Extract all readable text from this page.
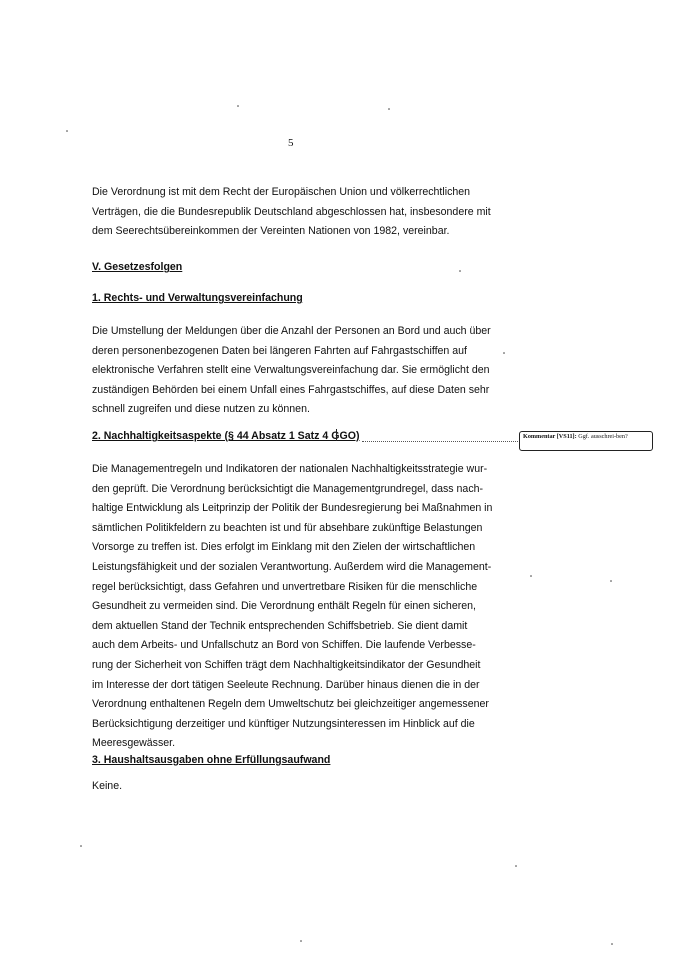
5
Die Verordnung ist mit dem Recht der Europäischen Union und völkerrechtlichen
Verträgen, die die Bundesrepublik Deutschland abgeschlossen hat, insbesondere mit
dem Seerechtsübereinkommen der Vereinten Nationen von 1982, vereinbar.
V. Gesetzesfolgen
1. Rechts- und Verwaltungsvereinfachung
Die Umstellung der Meldungen über die Anzahl der Personen an Bord und auch über
deren personenbezogenen Daten bei längeren Fahrten auf Fahrgastschiffen auf
elektronische Verfahren stellt eine Verwaltungsvereinfachung dar. Sie ermöglicht den
zuständigen Behörden bei einem Unfall eines Fahrgastschiffes, auf diese Daten sehr
schnell zugreifen und diese nutzen zu können.
2. Nachhaltigkeitsaspekte (§ 44 Absatz 1 Satz 4 GGO)	Kommentar [VS11]: Ggf. ausschrei-ben?
Die Managementregeln und Indikatoren der nationalen Nachhaltigkeitsstrategie wur-
den geprüft. Die Verordnung berücksichtigt die Managementgrundregel, dass nach-
haltige Entwicklung als Leitprinzip der Politik der Bundesregierung bei Maßnahmen in
sämtlichen Politikfeldern zu beachten ist und für absehbare zukünftige Belastungen
Vorsorge zu treffen ist. Dies erfolgt im Einklang mit den Zielen der wirtschaftlichen
Leistungsfähigkeit und der sozialen Verantwortung. Außerdem wird die Management-
regel berücksichtigt, dass Gefahren und unvertretbare Risiken für die menschliche
Gesundheit zu vermeiden sind. Die Verordnung enthält Regeln für einen sicheren,
dem aktuellen Stand der Technik entsprechenden Schiffsbetrieb. Sie dient damit
auch dem Arbeits- und Unfallschutz an Bord von Schiffen. Die laufende Verbesse-
rung der Sicherheit von Schiffen trägt dem Nachhaltigkeitsindikator der Gesundheit
im Interesse der dort tätigen Seeleute Rechnung. Darüber hinaus dienen die in der
Verordnung enthaltenen Regeln dem Umweltschutz bei gleichzeitiger angemessener
Berücksichtigung derzeitiger und künftiger Nutzungsinteressen im Hinblick auf die
Meeresgewässer.
3. Haushaltsausgaben ohne Erfüllungsaufwand
Keine.
